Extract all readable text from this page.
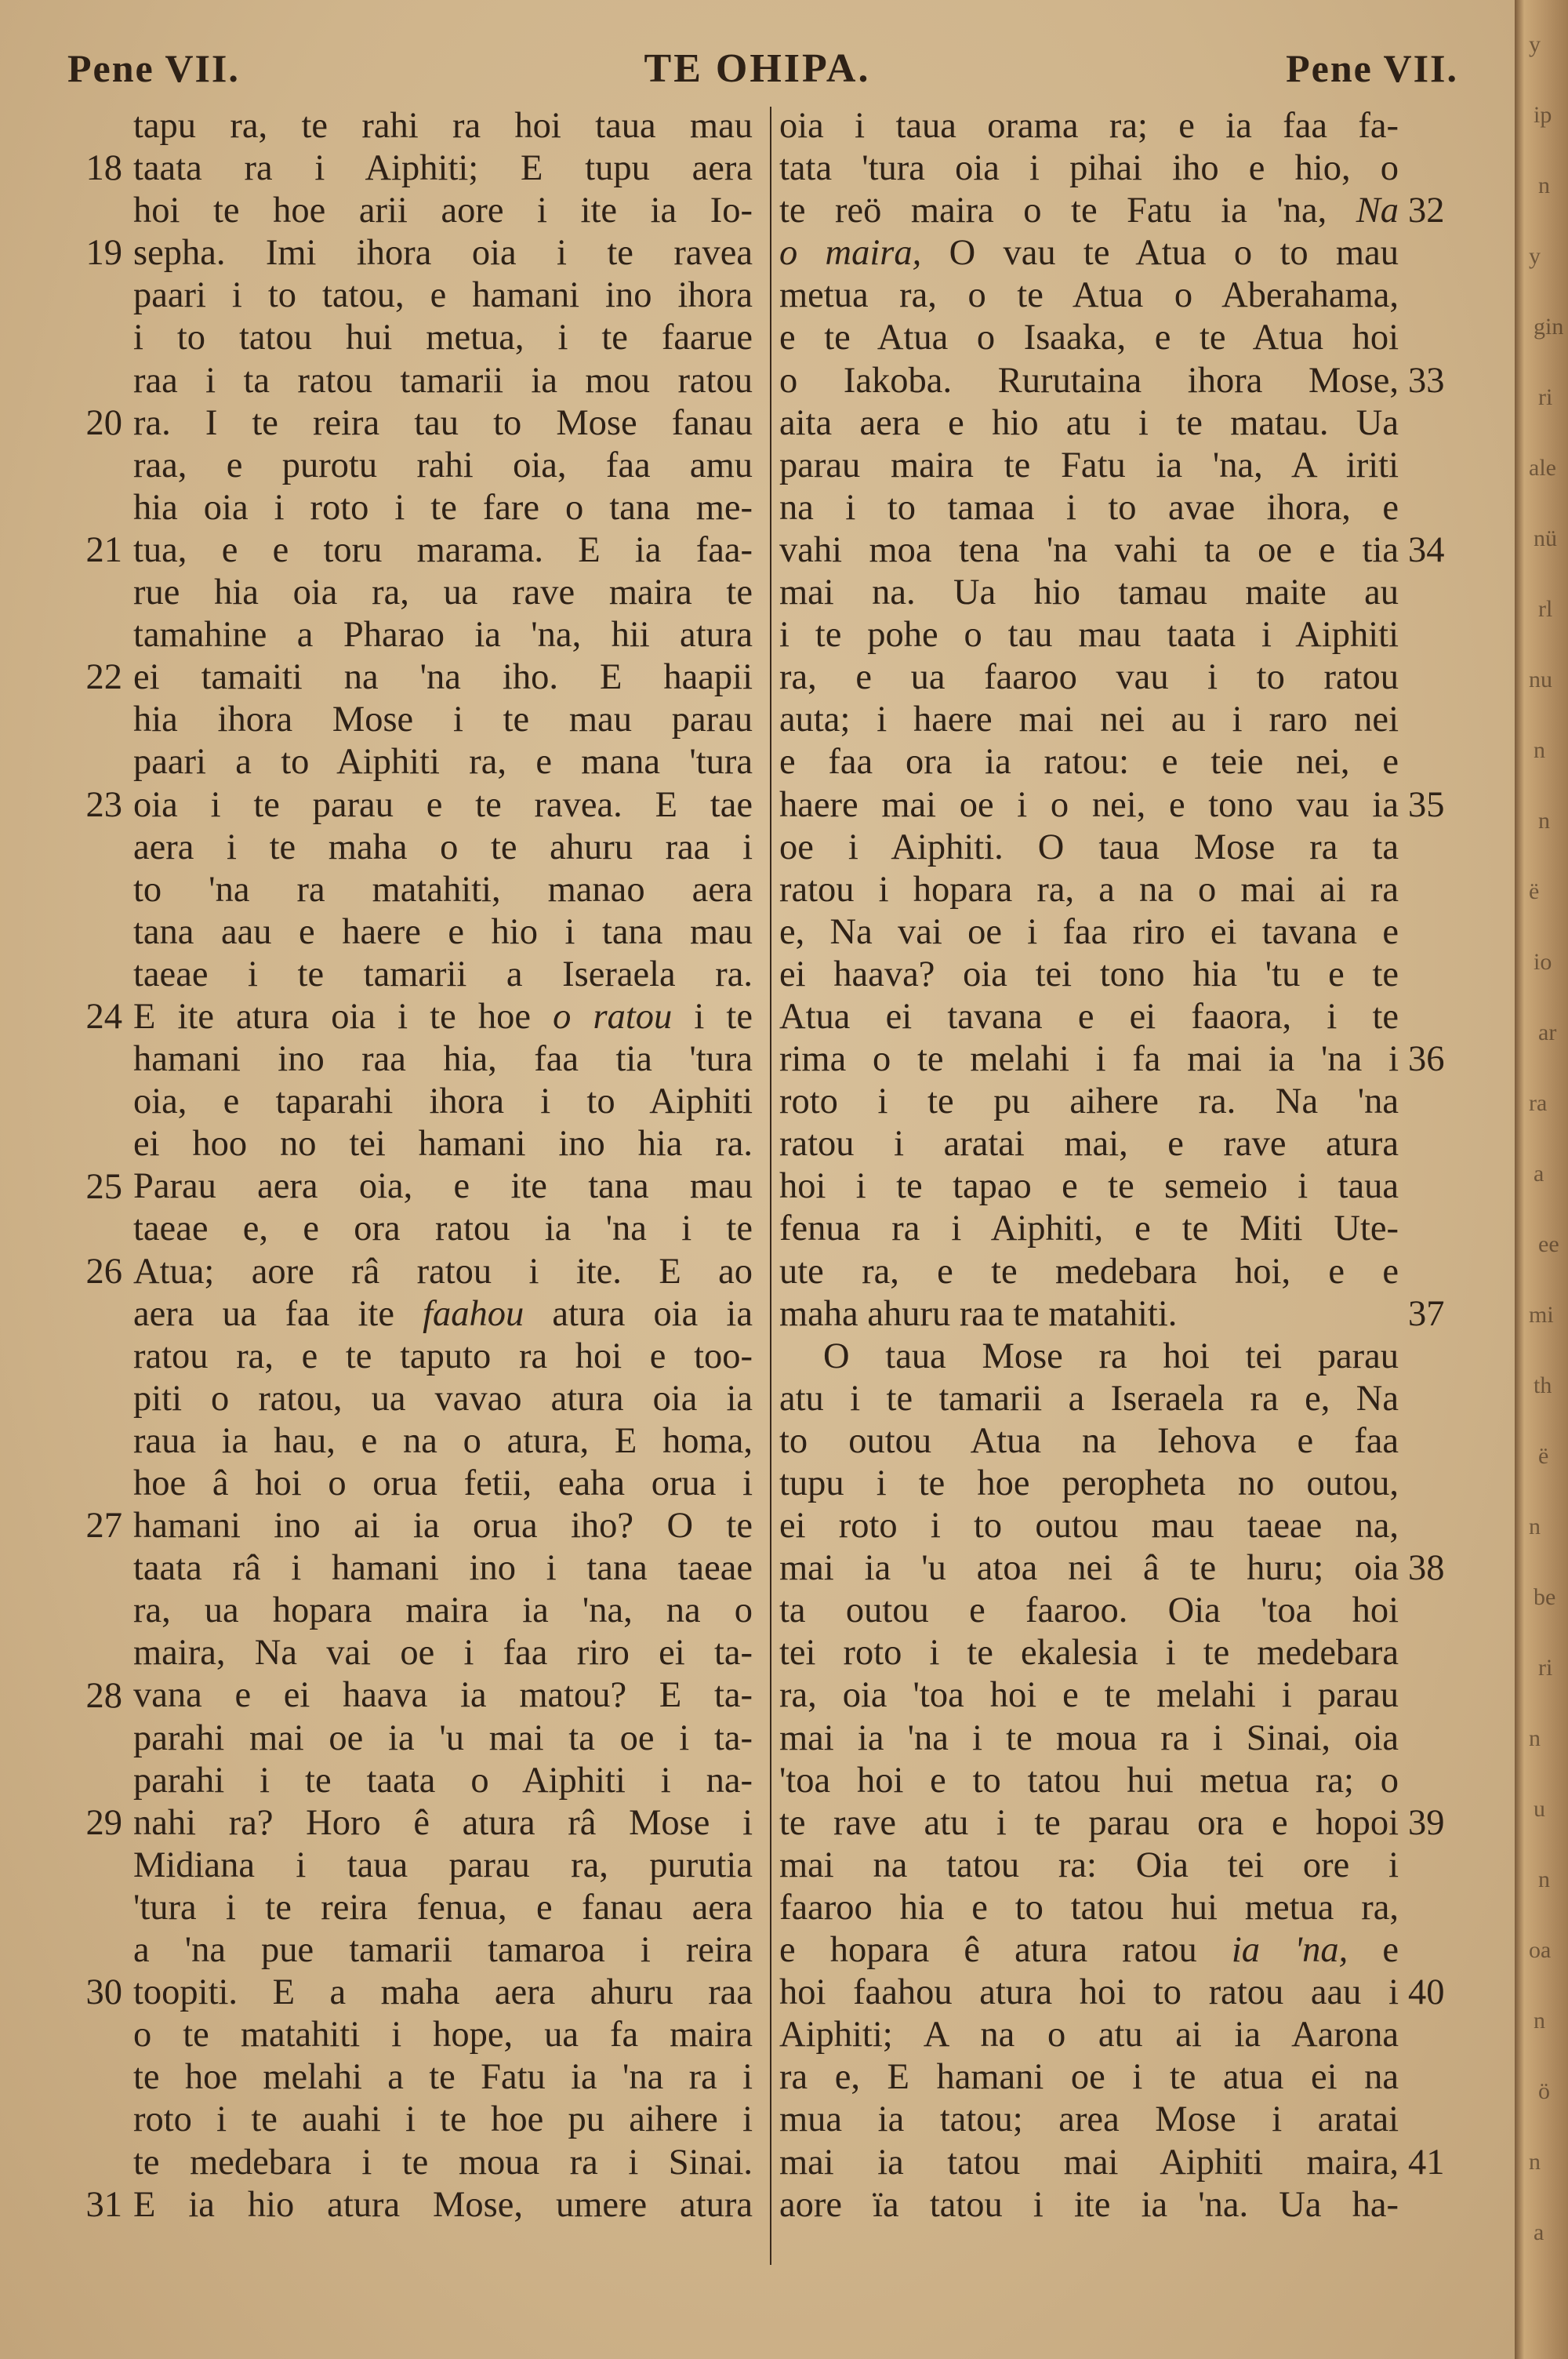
Pene VII.	TE OHIPA.	Pene VII.
tapu ra, te rahi ra hoi taua mau
taata ra i Aiphiti; E tupu aera
hoi te hoe arii aore i ite ia Io-
sepha. Imi ihora oia i te ravea
paari i to tatou, e hamani ino ihora
i to tatou hui metua, i te faarue
raa i ta ratou tamarii ia mou ratou
ra. I te reira tau to Mose fanau
raa, e purotu rahi oia, faa amu
hia oia i roto i te fare o tana me-
tua, e e toru marama. E ia faa-
rue hia oia ra, ua rave maira te
tamahine a Pharao ia 'na, hii atura
ei tamaiti na 'na iho. E haapii
hia ihora Mose i te mau parau
paari a to Aiphiti ra, e mana 'tura
oia i te parau e te ravea. E tae
aera i te maha o te ahuru raa i
to 'na ra matahiti, manao aera
tana aau e haere e hio i tana mau
taeae i te tamarii a Iseraela ra.
E ite atura oia i te hoe o ratou i te
hamani ino raa hia, faa tia 'tura
oia, e taparahi ihora i to Aiphiti
ei hoo no tei hamani ino hia ra.
Parau aera oia, e ite tana mau
taeae e, e ora ratou ia 'na i te
Atua; aore râ ratou i ite. E ao
aera ua faa ite faahou atura oia ia
ratou ra, e te taputo ra hoi e too-
piti o ratou, ua vavao atura oia ia
raua ia hau, e na o atura, E homa,
hoe â hoi o orua fetii, eaha orua i
hamani ino ai ia orua iho? O te
taata râ i hamani ino i tana taeae
ra, ua hopara maira ia 'na, na o
maira, Na vai oe i faa riro ei ta-
vana e ei haava ia matou? E ta-
parahi mai oe ia 'u mai ta oe i ta-
parahi i te taata o Aiphiti i na-
nahi ra? Horo ê atura râ Mose i
Midiana i taua parau ra, purutia
'tura i te reira fenua, e fanau aera
a 'na pue tamarii tamaroa i reira
toopiti. E a maha aera ahuru raa
o te matahiti i hope, ua fa maira
te hoe melahi a te Fatu ia 'na ra i
roto i te auahi i te hoe pu aihere i
te medebara i te moua ra i Sinai.
E ia hio atura Mose, umere atura
oia i taua orama ra; e ia faa fa-
tata 'tura oia i pihai iho e hio, o
te reö maira o te Fatu ia 'na, Na
o maira, O vau te Atua o to mau
metua ra, o te Atua o Aberahama,
e te Atua o Isaaka, e te Atua hoi
o Iakoba. Rurutaina ihora Mose,
aita aera e hio atu i te matau. Ua
parau maira te Fatu ia 'na, A iriti
na i to tamaa i to avae ihora, e
vahi moa tena 'na vahi ta oe e tia
mai na. Ua hio tamau maite au
i te pohe o tau mau taata i Aiphiti
ra, e ua faaroo vau i to ratou
auta; i haere mai nei au i raro nei
e faa ora ia ratou: e teie nei, e
haere mai oe i o nei, e tono vau ia
oe i Aiphiti. O taua Mose ra ta
ratou i hopara ra, a na o mai ai ra
e, Na vai oe i faa riro ei tavana e
ei haava? oia tei tono hia 'tu e te
Atua ei tavana e ei faaora, i te
rima o te melahi i fa mai ia 'na i
roto i te pu aihere ra. Na 'na
ratou i aratai mai, e rave atura
hoi i te tapao e te semeio i taua
fenua ra i Aiphiti, e te Miti Ute-
ute ra, e te medebara hoi, e e
maha ahuru raa te matahiti.
O taua Mose ra hoi tei parau
atu i te tamarii a Iseraela ra e, Na
to outou Atua na Iehova e faa
tupu i te hoe peropheta no outou,
ei roto i to outou mau taeae na,
mai ia 'u atoa nei â te huru; oia
ta outou e faaroo. Oia 'toa hoi
tei roto i te ekalesia i te medebara
ra, oia 'toa hoi e te melahi i parau
mai ia 'na i te moua ra i Sinai, oia
'toa hoi e to tatou hui metua ra; o
te rave atu i te parau ora e hopoi
mai na tatou ra: Oia tei ore i
faaroo hia e to tatou hui metua ra,
e hopara ê atura ratou ia 'na, e
hoi faahou atura hoi to ratou aau i
Aiphiti; A na o atu ai ia Aarona
ra e, E hamani oe i te atua ei na
mua ia tatou; area Mose i aratai
mai ia tatou mai Aiphiti maira,
aore ïa tatou i ite ia 'na. Ua ha-
18
19
20
21
22
23
24
25
26
27
28
29
30
31
32
33
34
35
36
37
38
39
40
41
y
ip
n
y
gin
ri
ale
nü
rl
nu
n
n
ë
io
ar
ra
a
ee
mi
th
ë
n
be
ri
n
u
n
oa
n
ö
n
a
